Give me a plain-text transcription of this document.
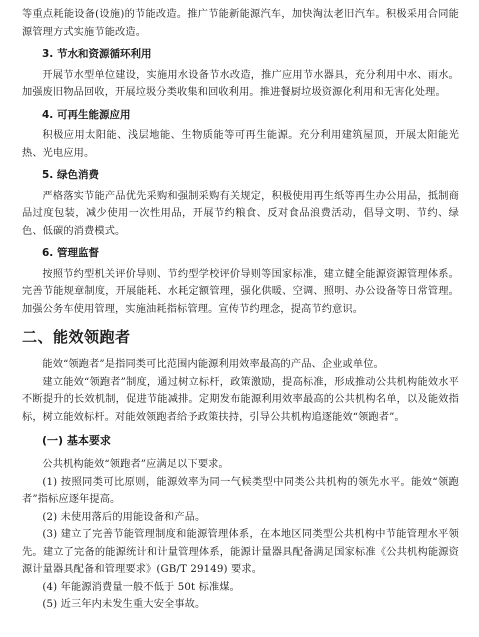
等重点耗能设备(设施)的节能改造。推广节能新能源汽车，加快淘汰老旧汽车。积极采用合同能源管理方式实施节能改造。

3. 节水和资源循环利用

开展节水型单位建设，实施用水设备节水改造，推广应用节水器具，充分利用中水、雨水。加强废旧物品回收，开展垃圾分类收集和回收利用。推进餐厨垃圾资源化利用和无害化处理。

4. 可再生能源应用

积极应用太阳能、浅层地能、生物质能等可再生能源。充分利用建筑屋顶，开展太阳能光热、光电应用。

5. 绿色消费

严格落实节能产品优先采购和强制采购有关规定，积极使用再生纸等再生办公用品，抵制商品过度包装，减少使用一次性用品，开展节约粮食、反对食品浪费活动，倡导文明、节约、绿色、低碳的消费模式。

6. 管理监督

按照节约型机关评价导则、节约型学校评价导则等国家标准，建立健全能源资源管理体系。完善节能规章制度，开展能耗、水耗定额管理，强化供暖、空调、照明、办公设备等日常管理。加强公务车使用管理，实施油耗指标管理。宣传节约理念，提高节约意识。

二、能效领跑者

能效“领跑者”是指同类可比范围内能源利用效率最高的产品、企业或单位。

建立能效“领跑者”制度，通过树立标杆，政策激励，提高标准，形成推动公共机构能效水平不断提升的长效机制，促进节能减排。定期发布能源利用效率最高的公共机构名单，以及能效指标，树立能效标杆。对能效领跑者给予政策扶持，引导公共机构追逐能效“领跑者”。

(一) 基本要求

公共机构能效“领跑者”应满足以下要求。

(1) 按照同类可比原则，能源效率为同一气候类型中同类公共机构的领先水平。能效“领跑者”指标应逐年提高。

(2) 未使用落后的用能设备和产品。

(3) 建立了完善节能管理制度和能源管理体系，在本地区同类型公共机构中节能管理水平领先。建立了完备的能源统计和计量管理体系，能源计量器具配备满足国家标准《公共机构能源资源计量器具配备和管理要求》(GB/T 29149) 要求。

(4) 年能源消费量一般不低于 50t 标准煤。

(5) 近三年内未发生重大安全事故。
